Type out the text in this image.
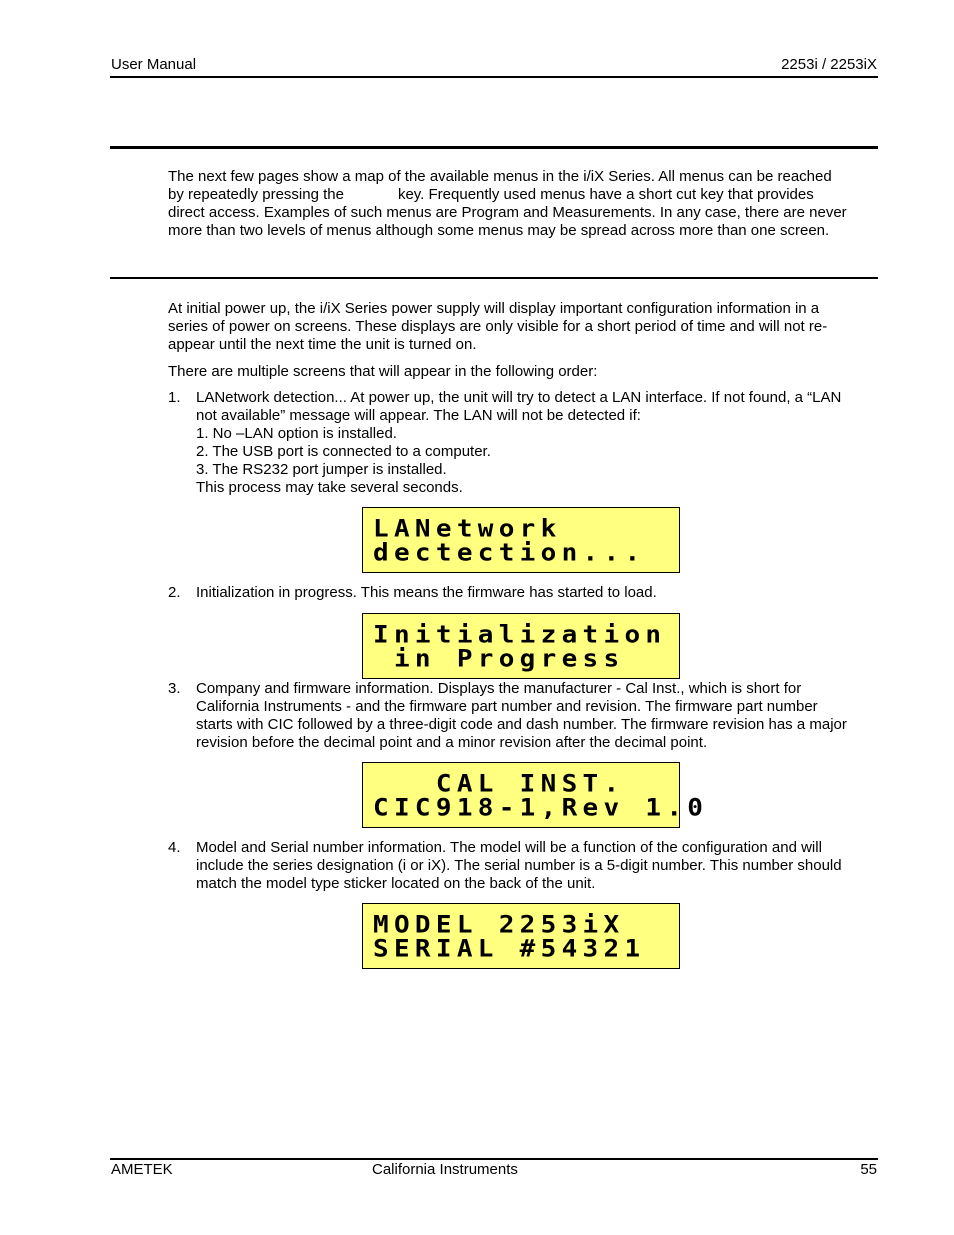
User Manual	2253i / 2253iX
The next few pages show a map of the available menus in the i/iX Series. All menus can be reached
by repeatedly pressing the	key. Frequently used menus have a short cut key that provides
direct access. Examples of such menus are Program and Measurements. In any case, there are never
more than two levels of menus although some menus may be spread across more than one screen.
At initial power up, the i/iX Series power supply will display important configuration information in a
series of power on screens. These displays are only visible for a short period of time and will not re-
appear until the next time the unit is turned on.
There are multiple screens that will appear in the following order:
1. LANetwork detection... At power up, the unit will try to detect a LAN interface. If not found, a “LAN
not available” message will appear. The LAN will not be detected if:
1. No –LAN option is installed.
2. The USB port is connected to a computer.
3. The RS232 port jumper is installed.
This process may take several seconds.
LANetwork
dectection...
2. Initialization in progress. This means the firmware has started to load.
Initialization
in Progress
3. Company and firmware information. Displays the manufacturer - Cal Inst., which is short for
California Instruments - and the firmware part number and revision. The firmware part number
starts with CIC followed by a three-digit code and dash number. The firmware revision has a major
revision before the decimal point and a minor revision after the decimal point.
CAL INST.
CIC918-1,Rev 1.0
4. Model and Serial number information. The model will be a function of the configuration and will
include the series designation (i or iX). The serial number is a 5-digit number. This number should
match the model type sticker located on the back of the unit.
MODEL 2253iX
SERIAL #54321
AMETEK	California Instruments	55
